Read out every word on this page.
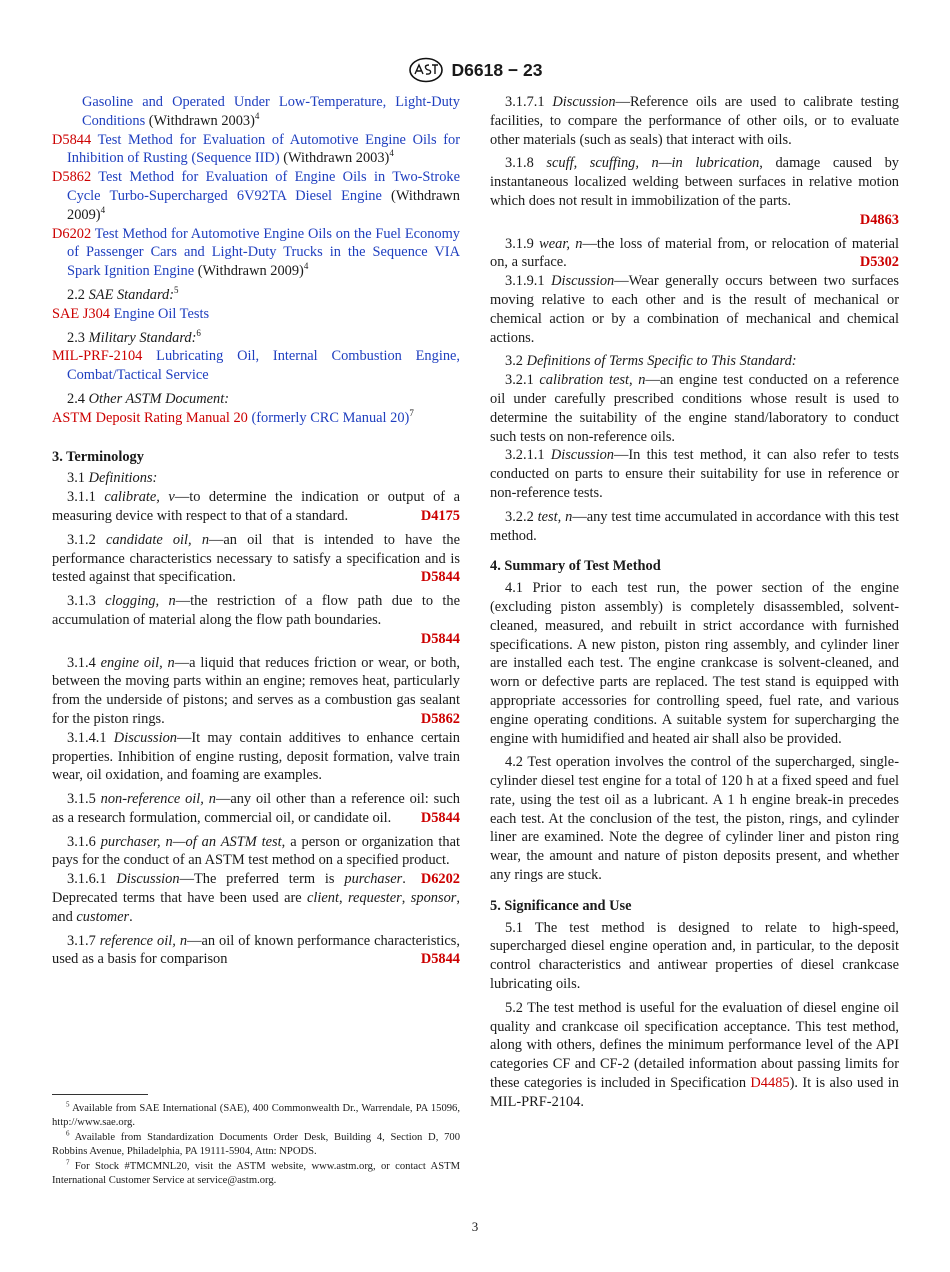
D6618 − 23

Gasoline and Operated Under Low-Temperature, Light-Duty Conditions (Withdrawn 2003)$^4$

D5844 Test Method for Evaluation of Automotive Engine Oils for Inhibition of Rusting (Sequence IID) (Withdrawn 2003)$^4$

D5862 Test Method for Evaluation of Engine Oils in Two-Stroke Cycle Turbo-Supercharged 6V92TA Diesel Engine (Withdrawn 2009)$^4$

D6202 Test Method for Automotive Engine Oils on the Fuel Economy of Passenger Cars and Light-Duty Trucks in the Sequence VIA Spark Ignition Engine (Withdrawn 2009)$^4$

2.2 SAE Standard:$^5$

SAE J304 Engine Oil Tests

2.3 Military Standard:$^6$

MIL-PRF-2104 Lubricating Oil, Internal Combustion Engine, Combat/Tactical Service

2.4 Other ASTM Document:

ASTM Deposit Rating Manual 20 (formerly CRC Manual 20)$^7$

3. Terminology

3.1 Definitions:

3.1.1 calibrate, v—to determine the indication or output of a measuring device with respect to that of a standard.	D4175

3.1.2 candidate oil, n—an oil that is intended to have the performance characteristics necessary to satisfy a specification and is tested against that specification.	D5844

3.1.3 clogging, n—the restriction of a flow path due to the accumulation of material along the flow path boundaries.

D5844

3.1.4 engine oil, n—a liquid that reduces friction or wear, or both, between the moving parts within an engine; removes heat, particularly from the underside of pistons; and serves as a combustion gas sealant for the piston rings.	D5862

3.1.4.1 Discussion—It may contain additives to enhance certain properties. Inhibition of engine rusting, deposit formation, valve train wear, oil oxidation, and foaming are examples.

3.1.5 non-reference oil, n—any oil other than a reference oil: such as a research formulation, commercial oil, or candidate oil.	D5844

3.1.6 purchaser, n—of an ASTM test, a person or organization that pays for the conduct of an ASTM test method on a specified product.
D6202

3.1.6.1 Discussion—The preferred term is purchaser. Deprecated terms that have been used are client, requester, sponsor, and customer.

3.1.7 reference oil, n—an oil of known performance characteristics, used as a basis for comparison	D5844

3.1.7.1 Discussion—Reference oils are used to calibrate testing facilities, to compare the performance of other oils, or to evaluate other materials (such as seals) that interact with oils.

3.1.8 scuff, scuffing, n—in lubrication, damage caused by instantaneous localized welding between surfaces in relative motion which does not result in immobilization of the parts.

D4863

3.1.9 wear, n—the loss of material from, or relocation of material on, a surface.	D5302

3.1.9.1 Discussion—Wear generally occurs between two surfaces moving relative to each other and is the result of mechanical or chemical action or by a combination of mechanical and chemical actions.

3.2 Definitions of Terms Specific to This Standard:

3.2.1 calibration test, n—an engine test conducted on a reference oil under carefully prescribed conditions whose result is used to determine the suitability of the engine stand/laboratory to conduct such tests on non-reference oils.

3.2.1.1 Discussion—In this test method, it can also refer to tests conducted on parts to ensure their suitability for use in reference or non-reference tests.

3.2.2 test, n—any test time accumulated in accordance with this test method.

4. Summary of Test Method

4.1 Prior to each test run, the power section of the engine (excluding piston assembly) is completely disassembled, solvent-cleaned, measured, and rebuilt in strict accordance with furnished specifications. A new piston, piston ring assembly, and cylinder liner are installed each test. The engine crankcase is solvent-cleaned, and worn or defective parts are replaced. The test stand is equipped with appropriate accessories for controlling speed, fuel rate, and various engine operating conditions. A suitable system for supercharging the engine with humidified and heated air shall also be provided.

4.2 Test operation involves the control of the supercharged, single-cylinder diesel test engine for a total of 120 h at a fixed speed and fuel rate, using the test oil as a lubricant. A 1 h engine break-in precedes each test. At the conclusion of the test, the piston, rings, and cylinder liner are examined. Note the degree of cylinder liner and piston ring wear, the amount and nature of piston deposits present, and whether any rings are stuck.

5. Significance and Use

5.1 The test method is designed to relate to high-speed, supercharged diesel engine operation and, in particular, to the deposit control characteristics and antiwear properties of diesel crankcase lubricating oils.

5.2 The test method is useful for the evaluation of diesel engine oil quality and crankcase oil specification acceptance. This test method, along with others, defines the minimum performance level of the API categories CF and CF-2 (detailed information about passing limits for these categories is included in Specification D4485). It is also used in MIL-PRF-2104.

$^5$ Available from SAE International (SAE), 400 Commonwealth Dr., Warrendale, PA 15096, http://www.sae.org.

$^6$ Available from Standardization Documents Order Desk, Building 4, Section D, 700 Robbins Avenue, Philadelphia, PA 19111-5904, Attn: NPODS.

$^7$ For Stock #TMCMNL20, visit the ASTM website, www.astm.org, or contact ASTM International Customer Service at service@astm.org.

3
